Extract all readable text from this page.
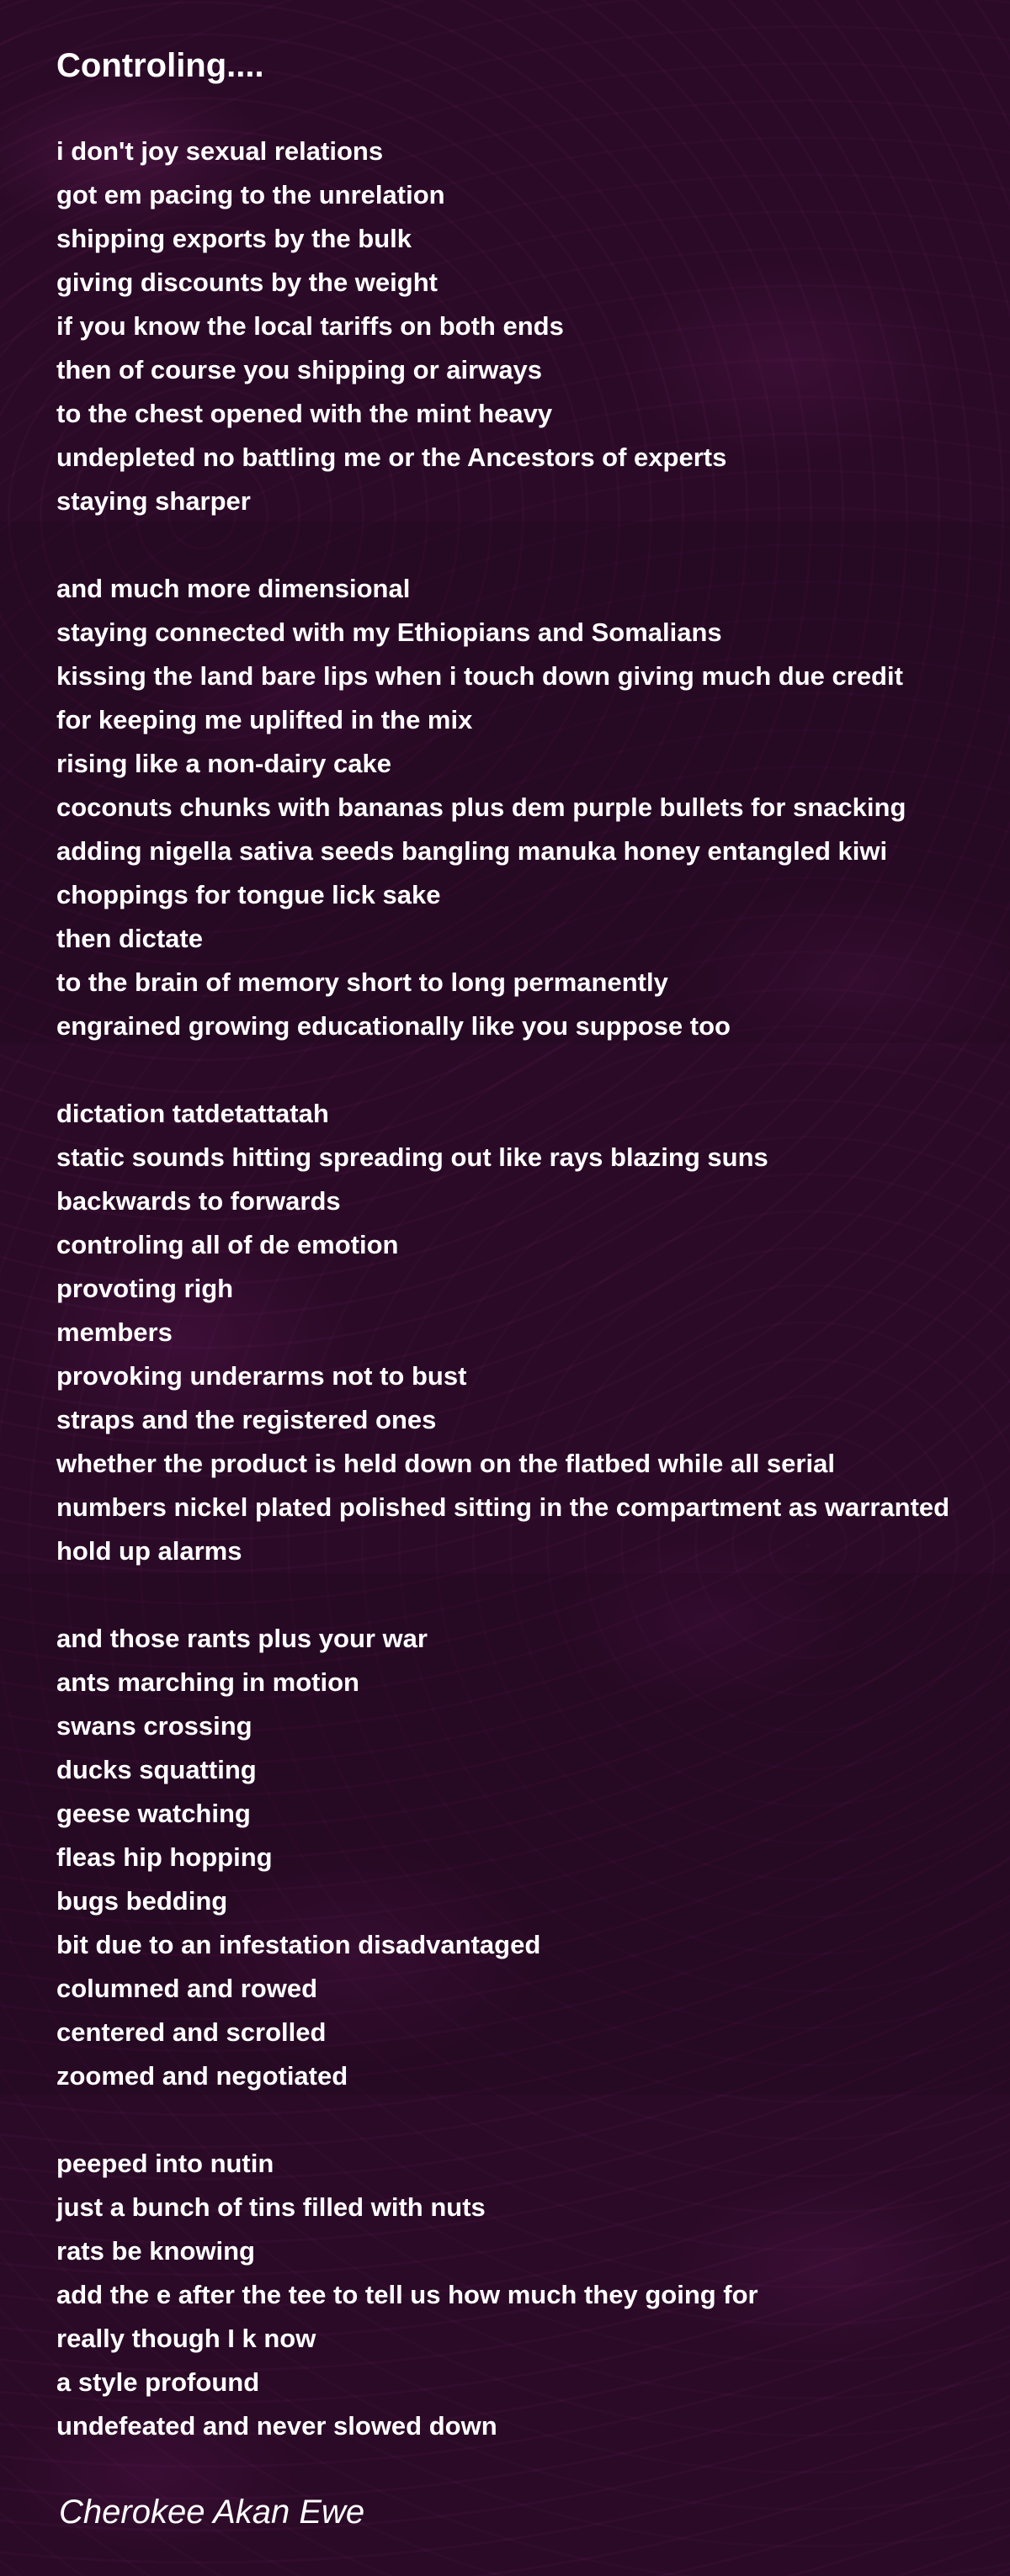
Controling....
i don't joy sexual relations
got em pacing to the unrelation
shipping exports by the bulk
giving discounts by the weight
if you know the local tariffs on both ends
then of course you shipping or airways
to the chest opened with the mint heavy
undepleted no battling me or the Ancestors of experts
staying sharper
and much more dimensional
staying connected with my Ethiopians and Somalians
kissing the land bare lips when i touch down giving much due credit
for keeping me uplifted in the mix
rising like a non-dairy cake
coconuts chunks with bananas plus dem purple bullets for snacking
adding nigella sativa seeds bangling manuka honey entangled kiwi
choppings for tongue lick sake
then dictate
to the brain of memory short to long permanently
engrained growing educationally like you suppose too
dictation tatdetattatah
static sounds hitting spreading out like rays blazing suns
backwards to forwards
controling all of de emotion
provoting righ
members
provoking underarms not to bust
straps and the registered ones
whether the product is held down on the flatbed while all serial
numbers nickel plated polished sitting in the compartment as warranted
hold up alarms
and those rants plus your war
ants marching in motion
swans crossing
ducks squatting
geese watching
fleas hip hopping
bugs bedding
bit due to an infestation disadvantaged
columned and rowed
centered and scrolled
zoomed and negotiated
peeped into nutin
just a bunch of tins filled with nuts
rats be knowing
add the e after the tee to tell us how much they going for
really though I k now
a style profound
undefeated and never slowed down
Cherokee Akan Ewe
